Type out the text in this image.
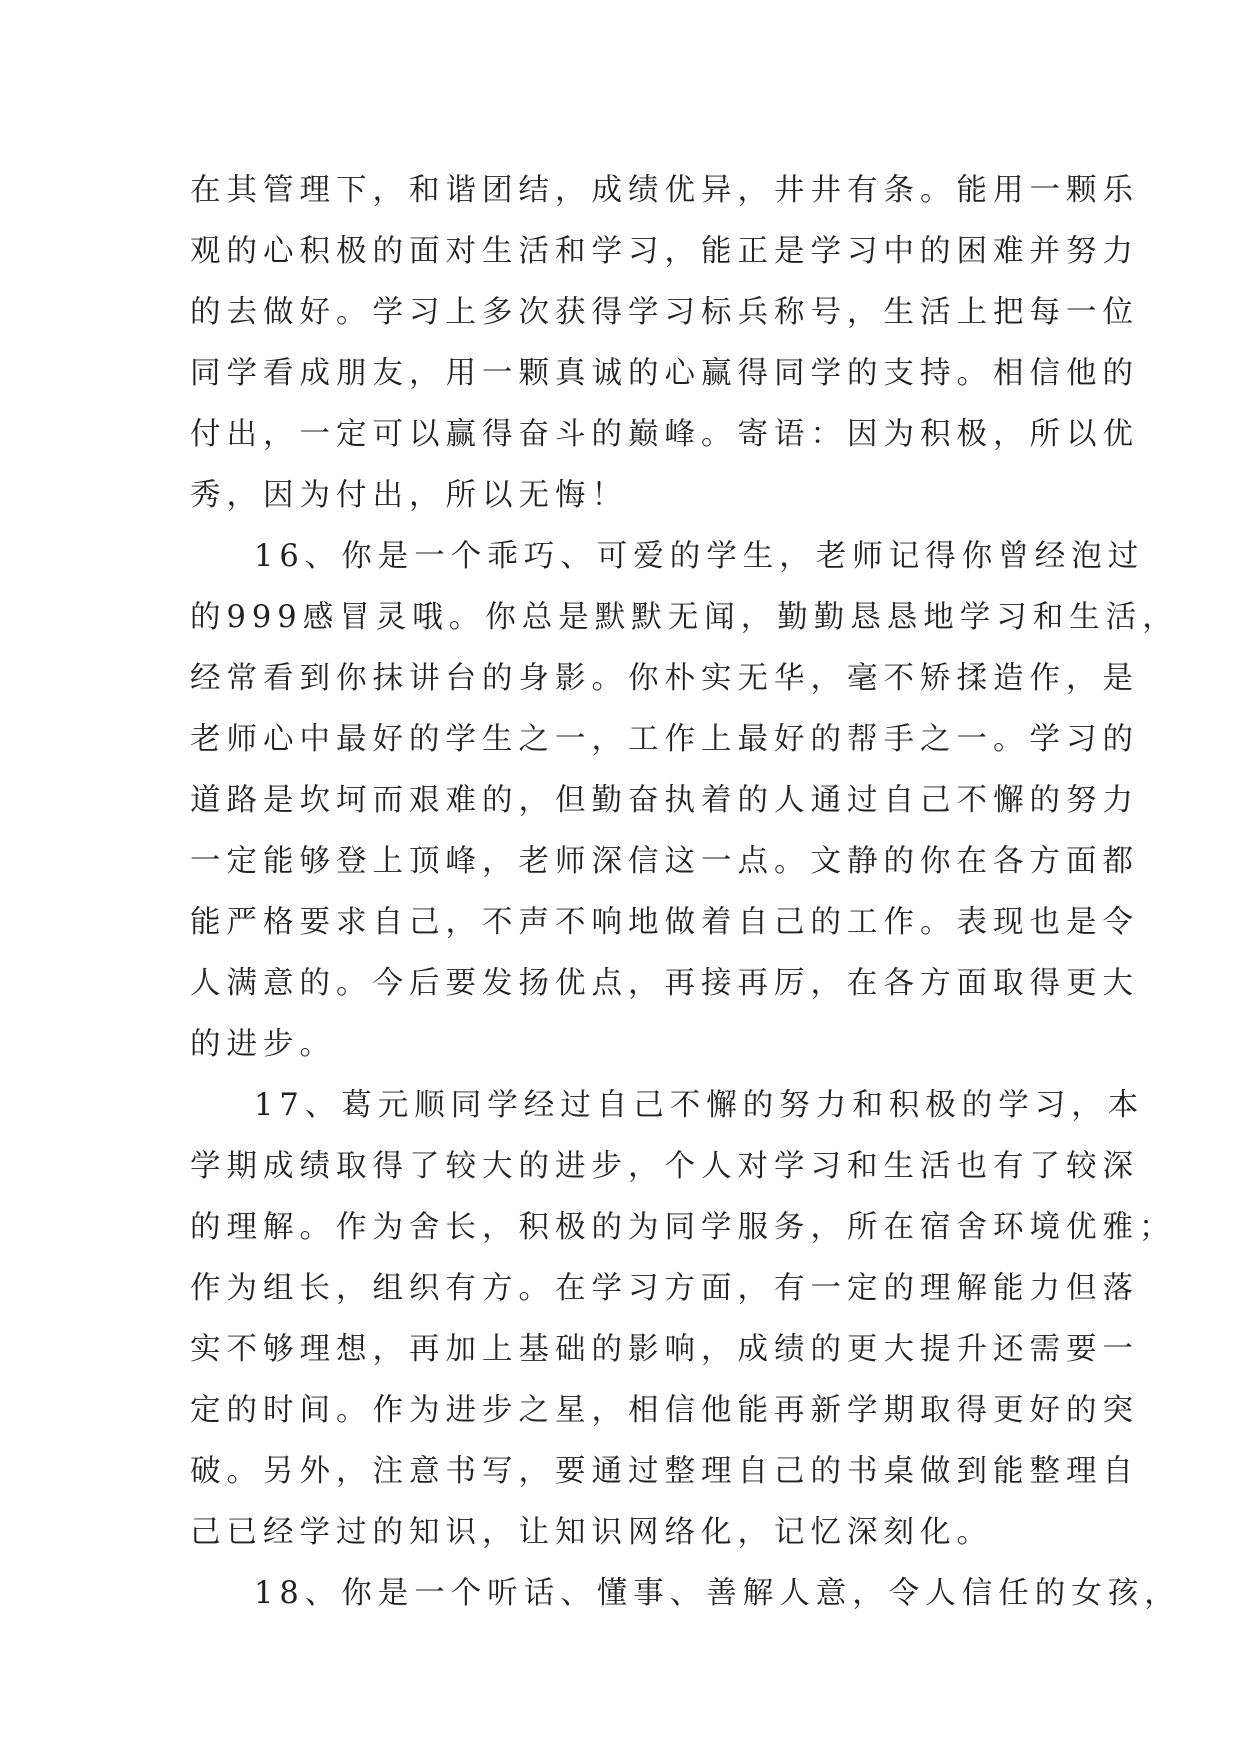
在其管理下，和谐团结，成绩优异，井井有条。能用一颗乐
观的心积极的面对生活和学习，能正是学习中的困难并努力
的去做好。学习上多次获得学习标兵称号，生活上把每一位
同学看成朋友，用一颗真诚的心赢得同学的支持。相信他的
付出，一定可以赢得奋斗的巅峰。寄语：因为积极，所以优
秀，因为付出，所以无悔！
16、你是一个乖巧、可爱的学生，老师记得你曾经泡过
的999感冒灵哦。你总是默默无闻，勤勤恳恳地学习和生活，
经常看到你抹讲台的身影。你朴实无华，毫不矫揉造作，是
老师心中最好的学生之一，工作上最好的帮手之一。学习的
道路是坎坷而艰难的，但勤奋执着的人通过自己不懈的努力
一定能够登上顶峰，老师深信这一点。文静的你在各方面都
能严格要求自己，不声不响地做着自己的工作。表现也是令
人满意的。今后要发扬优点，再接再厉，在各方面取得更大
的进步。
17、葛元顺同学经过自己不懈的努力和积极的学习，本
学期成绩取得了较大的进步，个人对学习和生活也有了较深
的理解。作为舍长，积极的为同学服务，所在宿舍环境优雅；
作为组长，组织有方。在学习方面，有一定的理解能力但落
实不够理想，再加上基础的影响，成绩的更大提升还需要一
定的时间。作为进步之星，相信他能再新学期取得更好的突
破。另外，注意书写，要通过整理自己的书桌做到能整理自
己已经学过的知识，让知识网络化，记忆深刻化。
18、你是一个听话、懂事、善解人意，令人信任的女孩，
